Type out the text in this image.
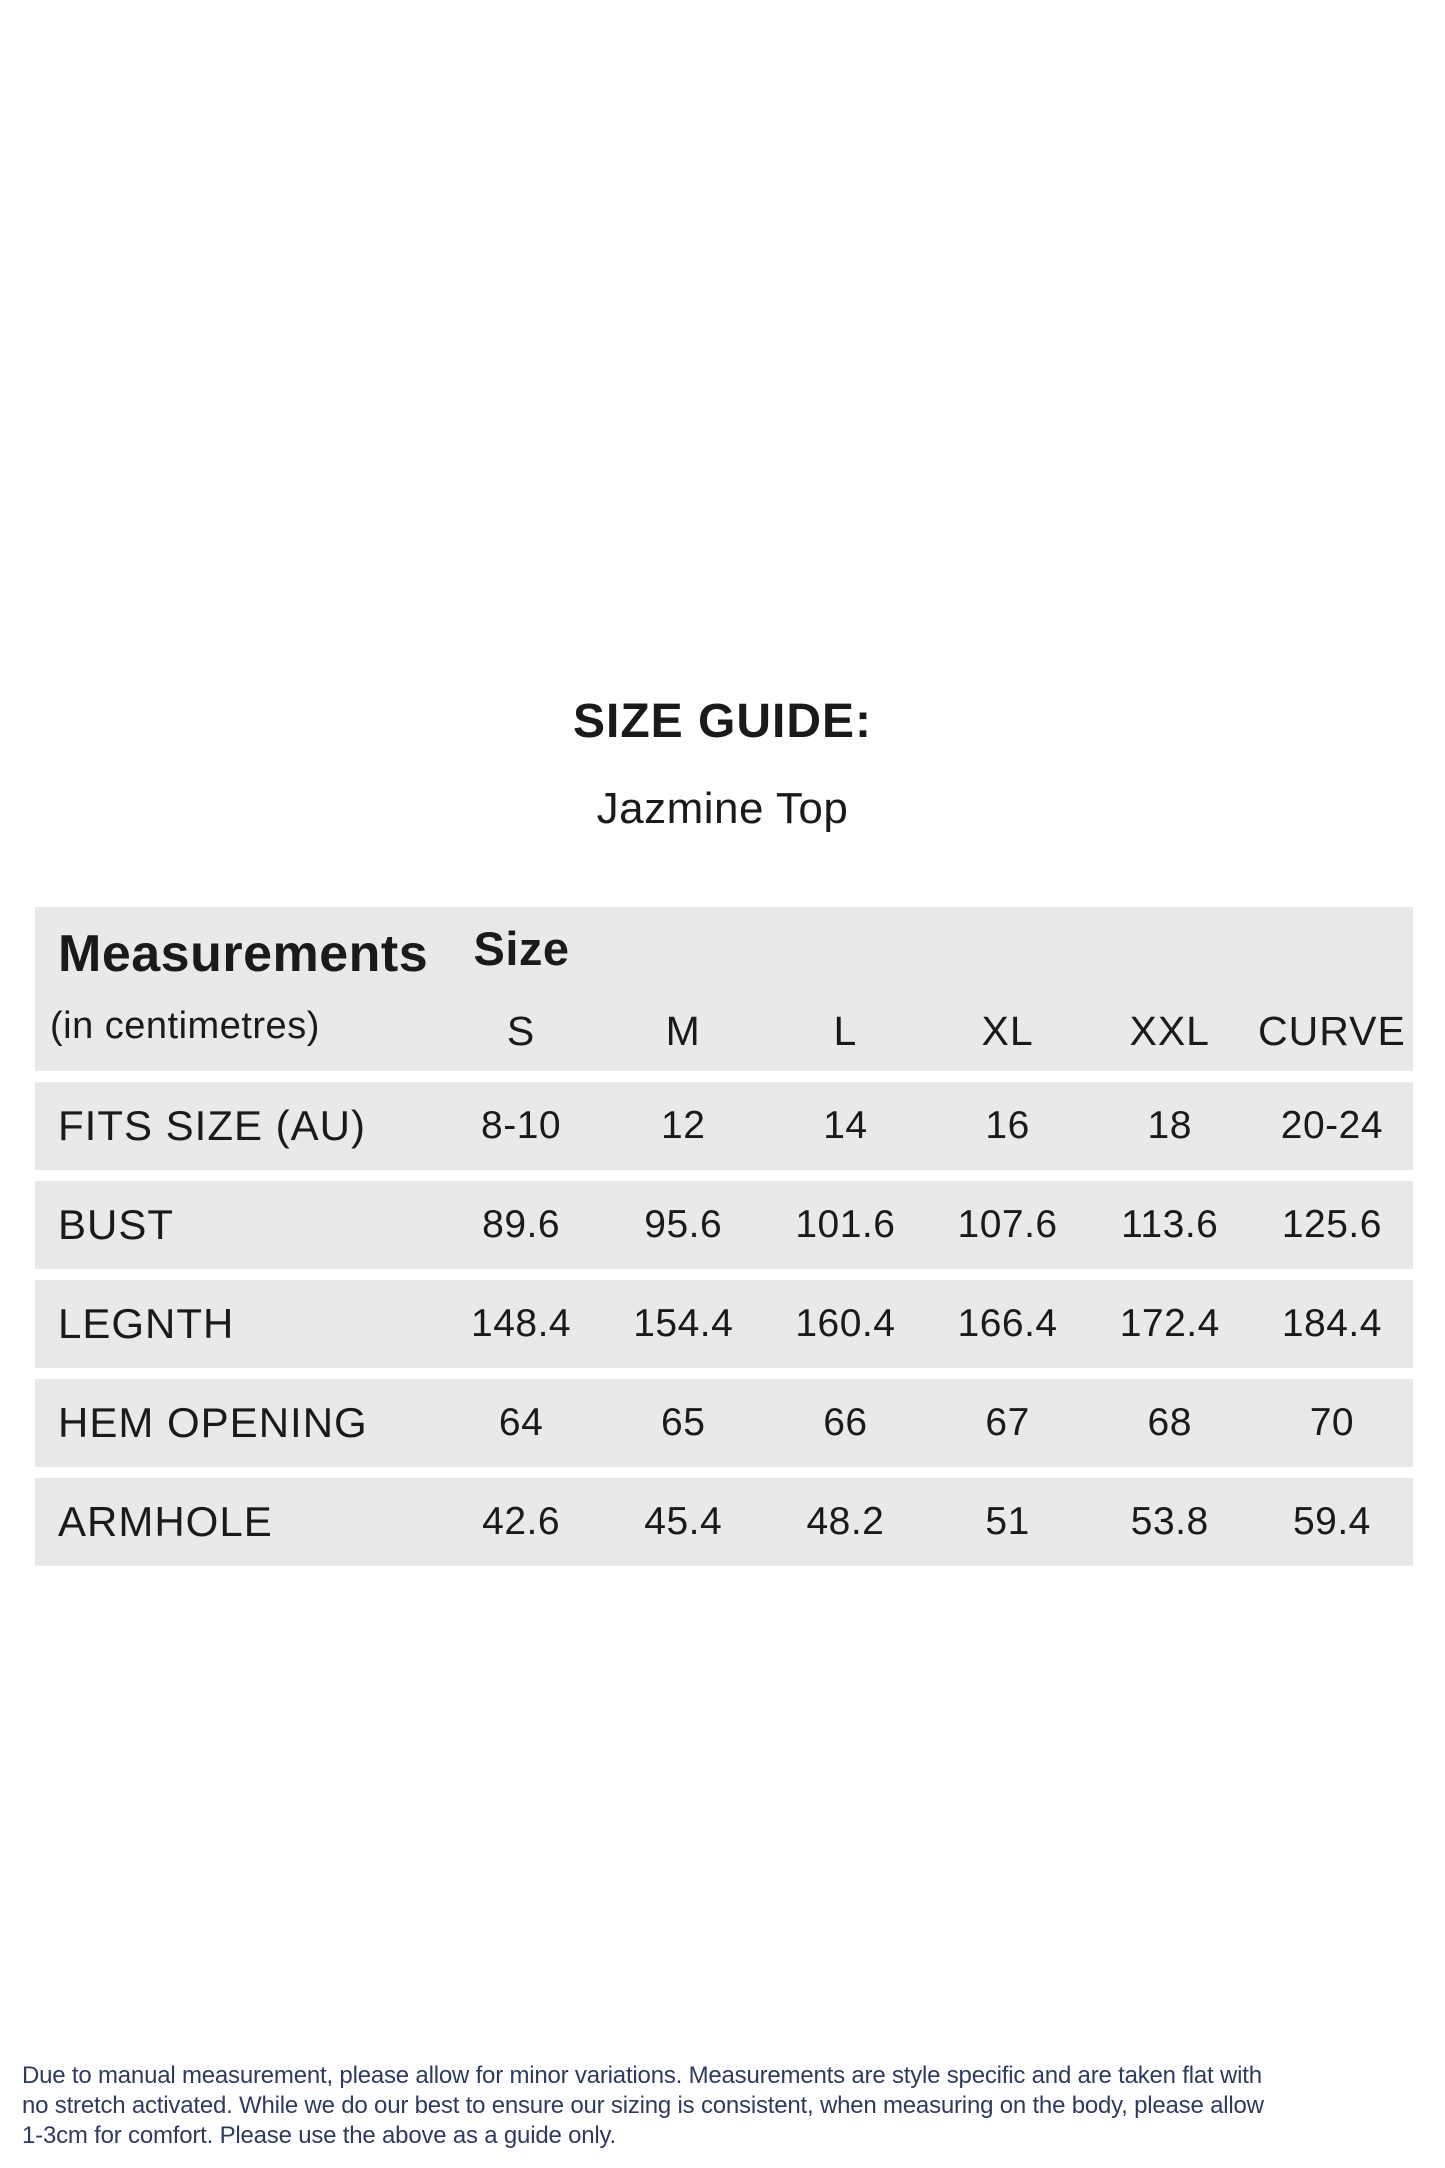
SIZE GUIDE:
Jazmine Top
Measurements
(in centimetres)
Size
S	M	L	XL	XXL	CURVE
FITS SIZE (AU)	8-10	12	14	16	18	20-24
BUST	89.6	95.6	101.6	107.6	113.6	125.6
LEGNTH	148.4	154.4	160.4	166.4	172.4	184.4
HEM OPENING	64	65	66	67	68	70
ARMHOLE	42.6	45.4	48.2	51	53.8	59.4
Due to manual measurement, please allow for minor variations. Measurements are style specific and are taken flat with
no stretch activated. While we do our best to ensure our sizing is consistent, when measuring on the body, please allow
1-3cm for comfort. Please use the above as a guide only.
